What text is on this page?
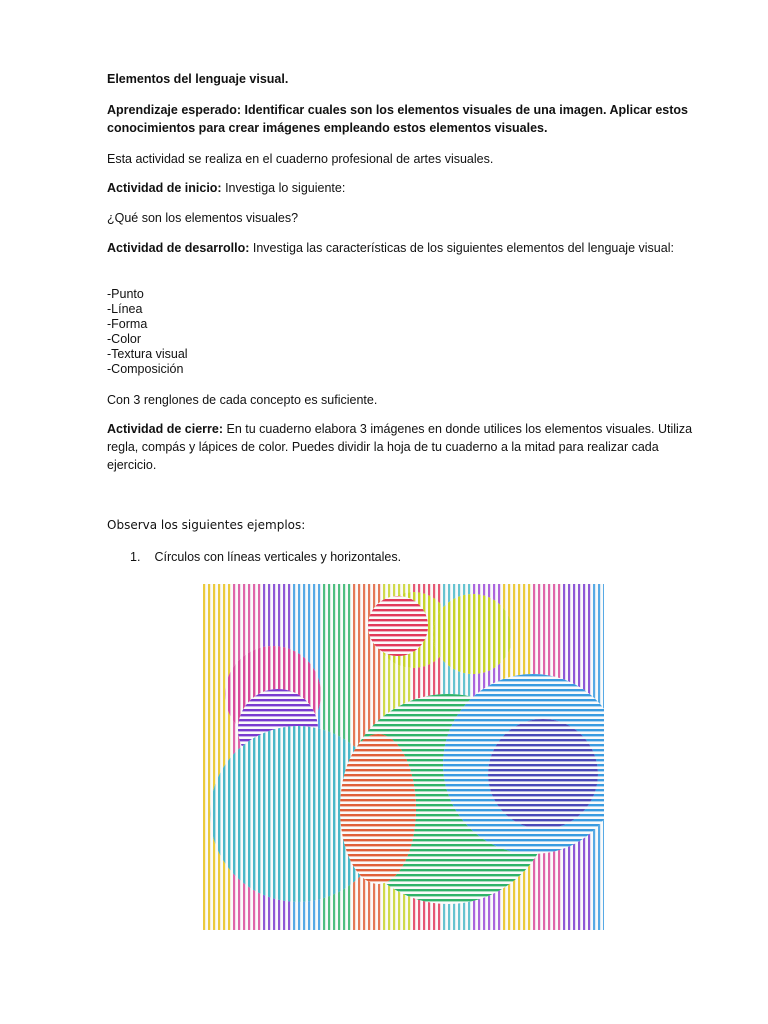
Elementos del lenguaje visual.

Aprendizaje esperado: Identificar cuales son los elementos visuales de una imagen. Aplicar estos conocimientos para crear imágenes empleando estos elementos visuales.

Esta actividad se realiza en el cuaderno profesional de artes visuales.

Actividad de inicio: Investiga lo siguiente:

¿Qué son los elementos visuales?

Actividad de desarrollo: Investiga las características de los siguientes elementos del lenguaje visual:

-Punto
-Línea
-Forma
-Color
-Textura visual
-Composición

Con 3 renglones de cada concepto es suficiente.

Actividad de cierre: En tu cuaderno elabora 3 imágenes en donde utilices los elementos visuales. Utiliza regla, compás y lápices de color. Puedes dividir la hoja de tu cuaderno a la mitad para realizar cada ejercicio.

Observa los siguientes ejemplos:

1. Círculos con líneas verticales y horizontales.
